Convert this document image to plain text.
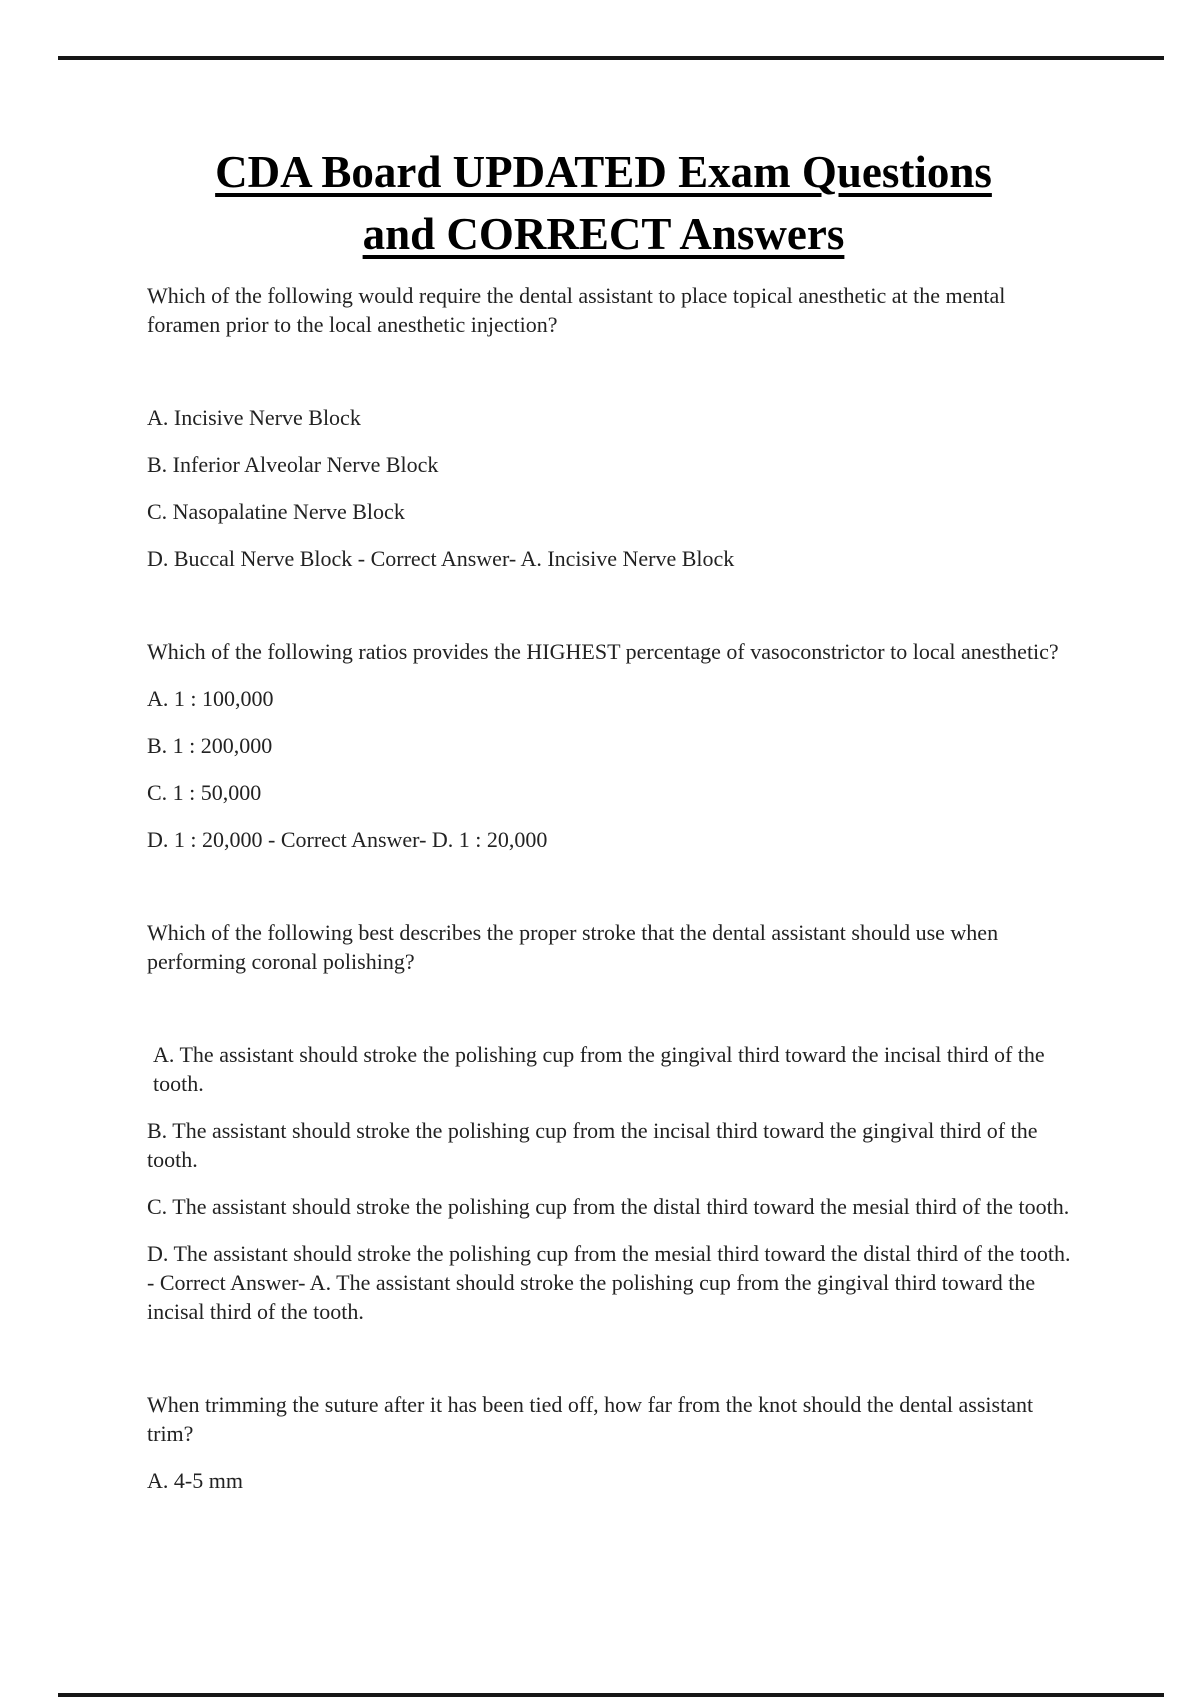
CDA Board UPDATED Exam Questions
and CORRECT Answers

Which of the following would require the dental assistant to place topical anesthetic at the mental foramen prior to the local anesthetic injection?

A. Incisive Nerve Block

B. Inferior Alveolar Nerve Block

C. Nasopalatine Nerve Block

D. Buccal Nerve Block - Correct Answer- A. Incisive Nerve Block

Which of the following ratios provides the HIGHEST percentage of vasoconstrictor to local anesthetic?

A. 1 : 100,000

B. 1 : 200,000

C. 1 : 50,000

D. 1 : 20,000 - Correct Answer- D. 1 : 20,000

Which of the following best describes the proper stroke that the dental assistant should use when performing coronal polishing?

A. The assistant should stroke the polishing cup from the gingival third toward the incisal third of the tooth.

B. The assistant should stroke the polishing cup from the incisal third toward the gingival third of the tooth.

C. The assistant should stroke the polishing cup from the distal third toward the mesial third of the tooth.

D. The assistant should stroke the polishing cup from the mesial third toward the distal third of the tooth. - Correct Answer- A. The assistant should stroke the polishing cup from the gingival third toward the incisal third of the tooth.

When trimming the suture after it has been tied off, how far from the knot should the dental assistant trim?

A. 4-5 mm
